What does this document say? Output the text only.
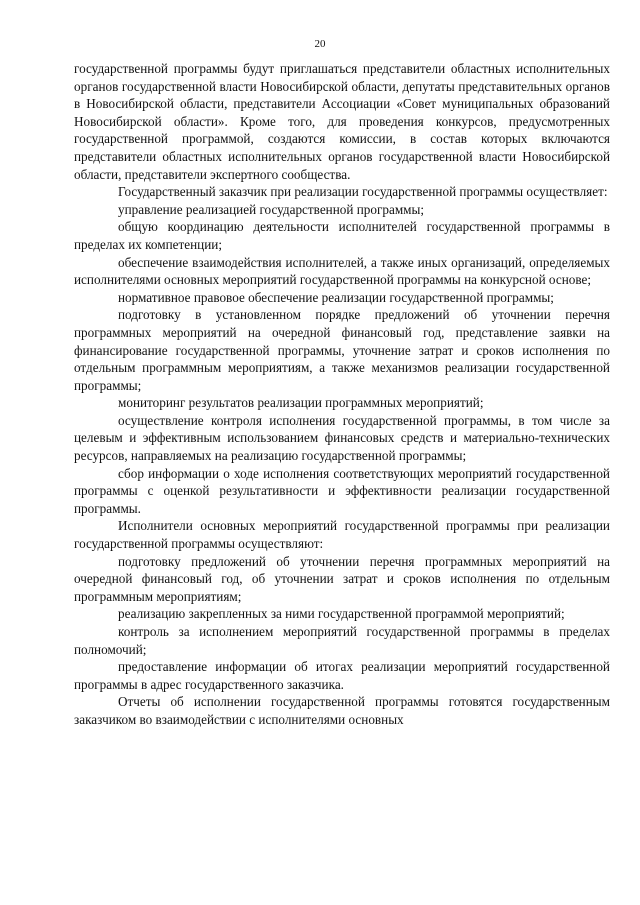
20

государственной программы будут приглашаться представители областных исполнительных органов государственной власти Новосибирской области, депутаты представительных органов в Новосибирской области, представители Ассоциации «Совет муниципальных образований Новосибирской области». Кроме того, для проведения конкурсов, предусмотренных государственной программой, создаются комиссии, в состав которых включаются представители областных исполнительных органов государственной власти Новосибирской области, представители экспертного сообщества.

Государственный заказчик при реализации государственной программы осуществляет:

управление реализацией государственной программы;

общую координацию деятельности исполнителей государственной программы в пределах их компетенции;

обеспечение взаимодействия исполнителей, а также иных организаций, определяемых исполнителями основных мероприятий государственной программы на конкурсной основе;

нормативное правовое обеспечение реализации государственной программы;

подготовку в установленном порядке предложений об уточнении перечня программных мероприятий на очередной финансовый год, представление заявки на финансирование государственной программы, уточнение затрат и сроков исполнения по отдельным программным мероприятиям, а также механизмов реализации государственной программы;

мониторинг результатов реализации программных мероприятий;

осуществление контроля исполнения государственной программы, в том числе за целевым и эффективным использованием финансовых средств и материально-технических ресурсов, направляемых на реализацию государственной программы;

сбор информации о ходе исполнения соответствующих мероприятий государственной программы с оценкой результативности и эффективности реализации государственной программы.

Исполнители основных мероприятий государственной программы при реализации государственной программы осуществляют:

подготовку предложений об уточнении перечня программных мероприятий на очередной финансовый год, об уточнении затрат и сроков исполнения по отдельным программным мероприятиям;

реализацию закрепленных за ними государственной программой мероприятий;

контроль за исполнением мероприятий государственной программы в пределах полномочий;

предоставление информации об итогах реализации мероприятий государственной программы в адрес государственного заказчика.

Отчеты об исполнении государственной программы готовятся государственным заказчиком во взаимодействии с исполнителями основных
